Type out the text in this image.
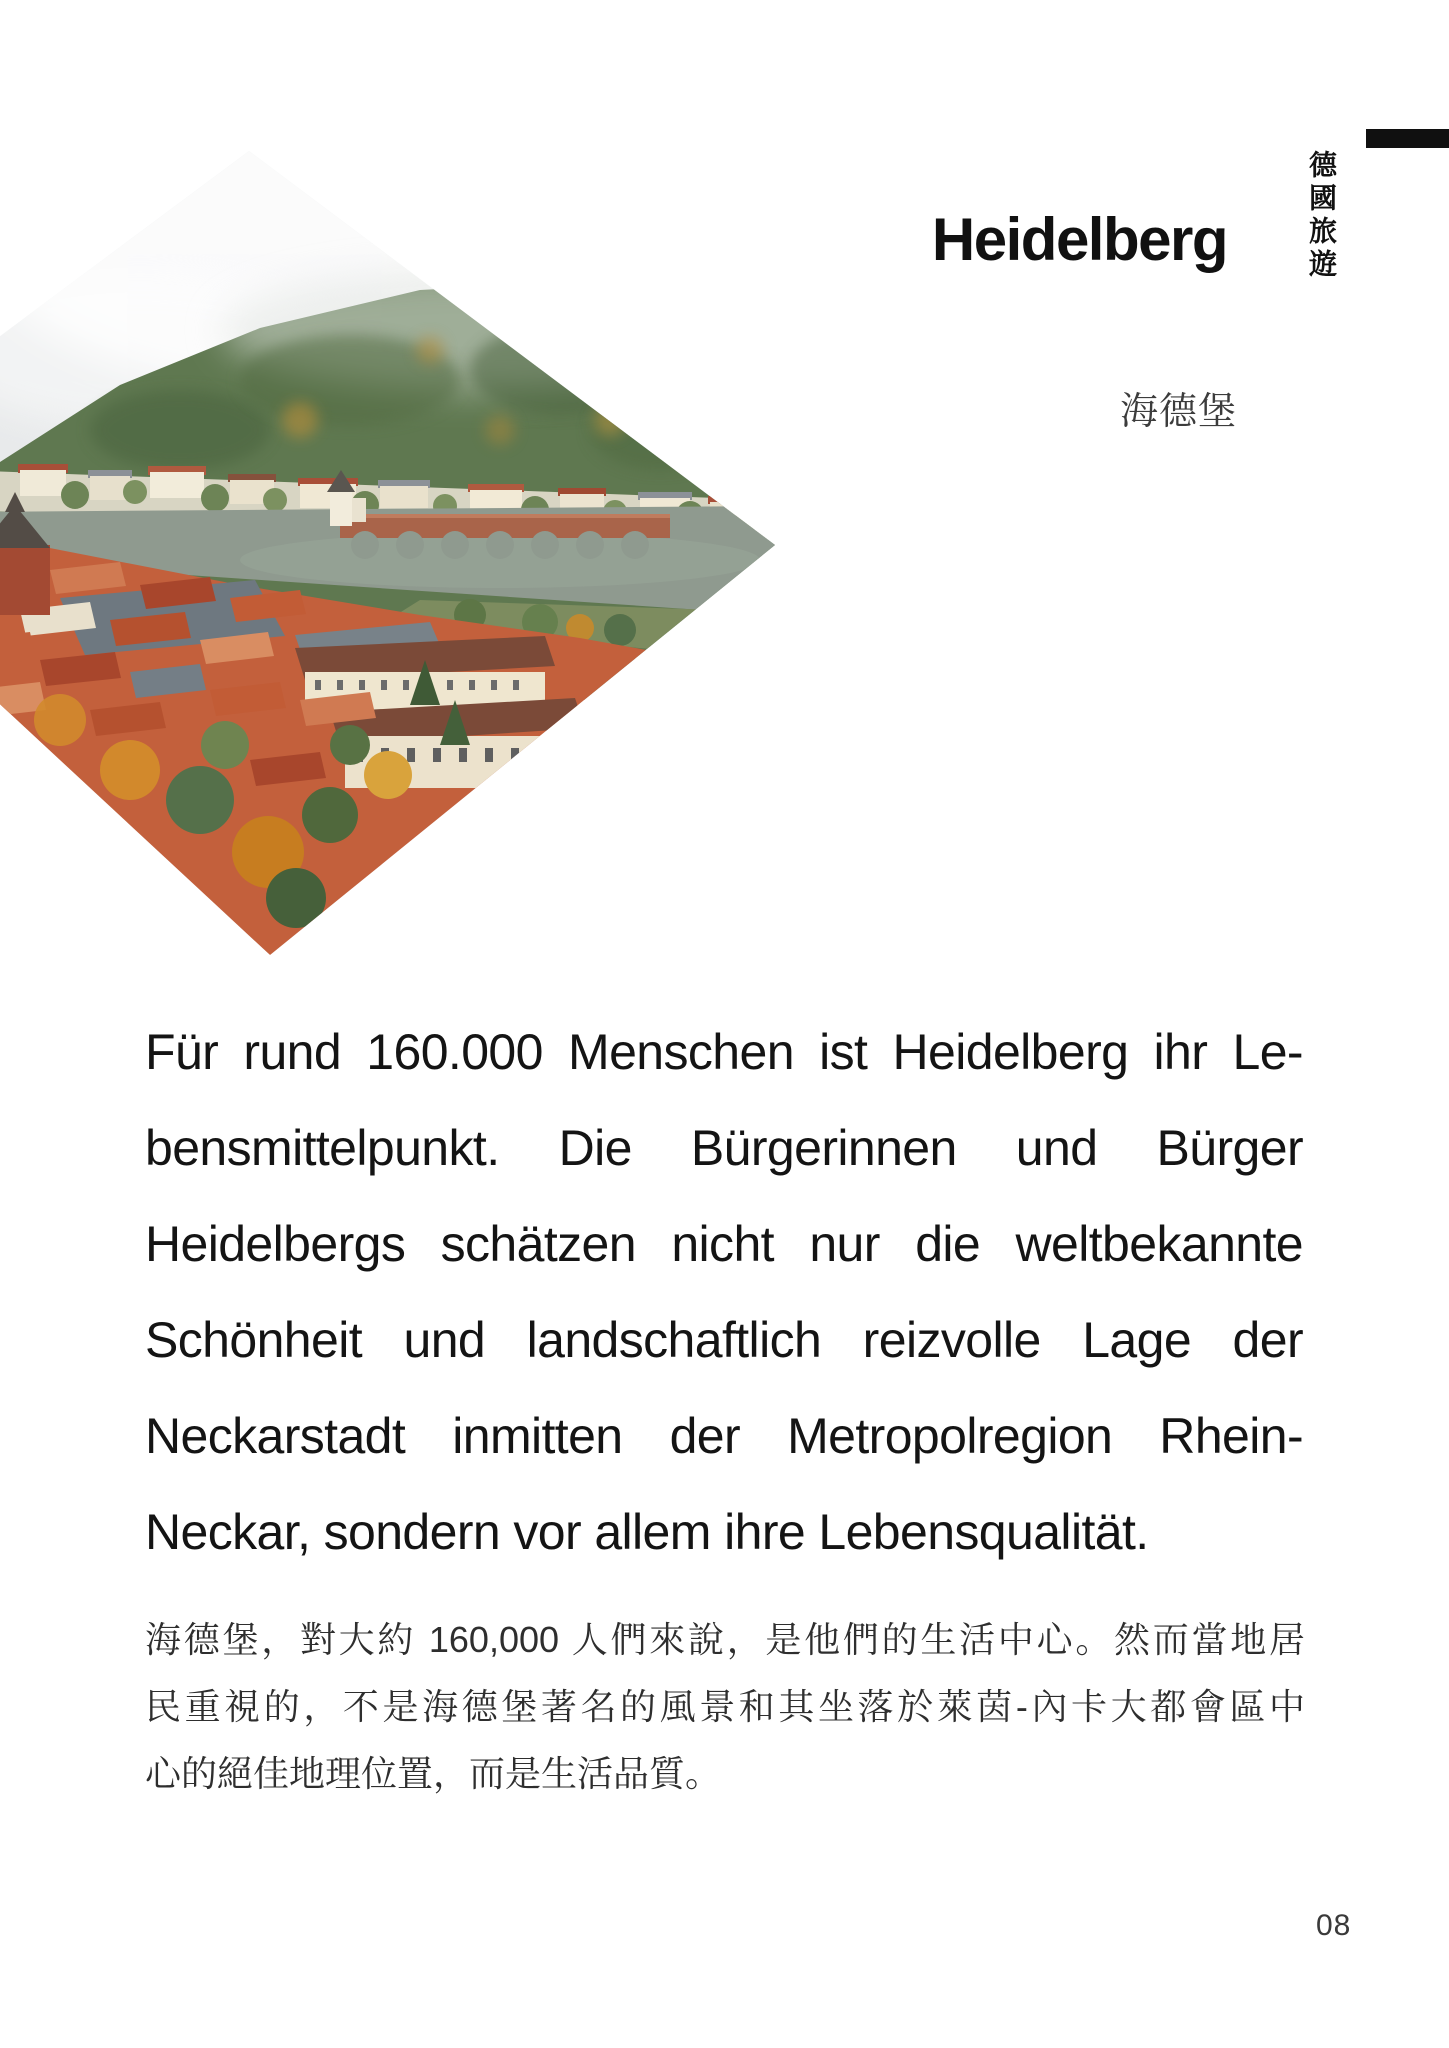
德國旅遊
Heidelberg
海德堡
Für rund 160.000 Menschen ist Heidelberg ihr Le-
bensmittelpunkt. Die Bürgerinnen und Bürger
Heidelbergs schätzen nicht nur die weltbekannte
Schönheit und landschaftlich reizvolle Lage der
Neckarstadt inmitten der Metropolregion Rhein-
Neckar, sondern vor allem ihre Lebensqualität.
海德堡，對大約 160,000 人們來說，是他們的生活中心。然而當地居
民重視的，不是海德堡著名的風景和其坐落於萊茵-內卡大都會區中
心的絕佳地理位置，而是生活品質。
08
